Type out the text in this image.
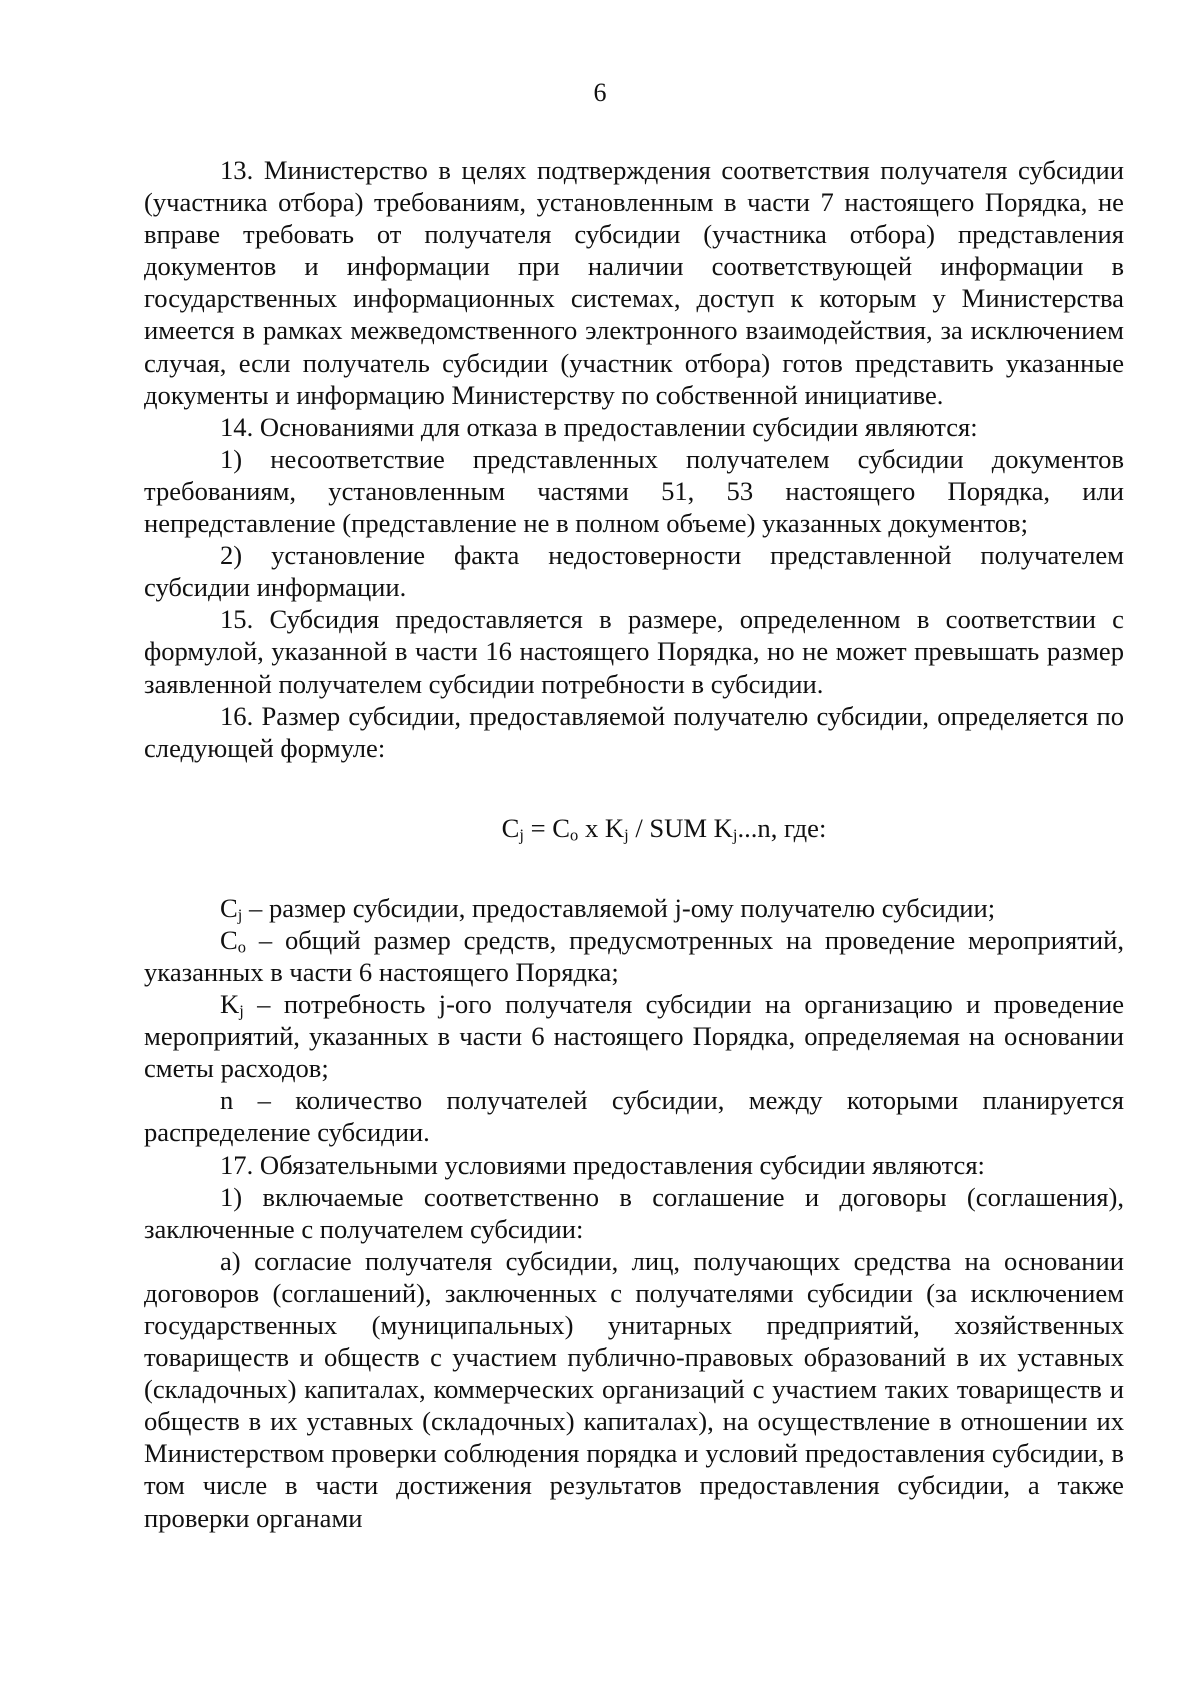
6

13. Министерство в целях подтверждения соответствия получателя субсидии (участника отбора) требованиям, установленным в части 7 настоящего Порядка, не вправе требовать от получателя субсидии (участника отбора) представления документов и информации при наличии соответствующей информации в государственных информационных системах, доступ к которым у Министерства имеется в рамках межведомственного электронного взаимодействия, за исключением случая, если получатель субсидии (участник отбора) готов представить указанные документы и информацию Министерству по собственной инициативе.

14. Основаниями для отказа в предоставлении субсидии являются:

1) несоответствие представленных получателем субсидии документов требованиям, установленным частями 51, 53 настоящего Порядка, или непредставление (представление не в полном объеме) указанных документов;

2) установление факта недостоверности представленной получателем субсидии информации.

15. Субсидия предоставляется в размере, определенном в соответствии с формулой, указанной в части 16 настоящего Порядка, но не может превышать размер заявленной получателем субсидии потребности в субсидии.

16. Размер субсидии, предоставляемой получателю субсидии, определяется по следующей формуле:

$C_j = C_o$ x $K_j$ / SUM $K_j...n$, где:

$C_j$ – размер субсидии, предоставляемой j-ому получателю субсидии;

$C_o$ – общий размер средств, предусмотренных на проведение мероприятий, указанных в части 6 настоящего Порядка;

$K_j$ – потребность j-ого получателя субсидии на организацию и проведение мероприятий, указанных в части 6 настоящего Порядка, определяемая на основании сметы расходов;

n – количество получателей субсидии, между которыми планируется распределение субсидии.

17. Обязательными условиями предоставления субсидии являются:

1) включаемые соответственно в соглашение и договоры (соглашения), заключенные с получателем субсидии:

а) согласие получателя субсидии, лиц, получающих средства на основании договоров (соглашений), заключенных с получателями субсидии (за исключением государственных (муниципальных) унитарных предприятий, хозяйственных товариществ и обществ с участием публично-правовых образований в их уставных (складочных) капиталах, коммерческих организаций с участием таких товариществ и обществ в их уставных (складочных) капиталах), на осуществление в отношении их Министерством проверки соблюдения порядка и условий предоставления субсидии, в том числе в части достижения результатов предоставления субсидии, а также проверки органами
